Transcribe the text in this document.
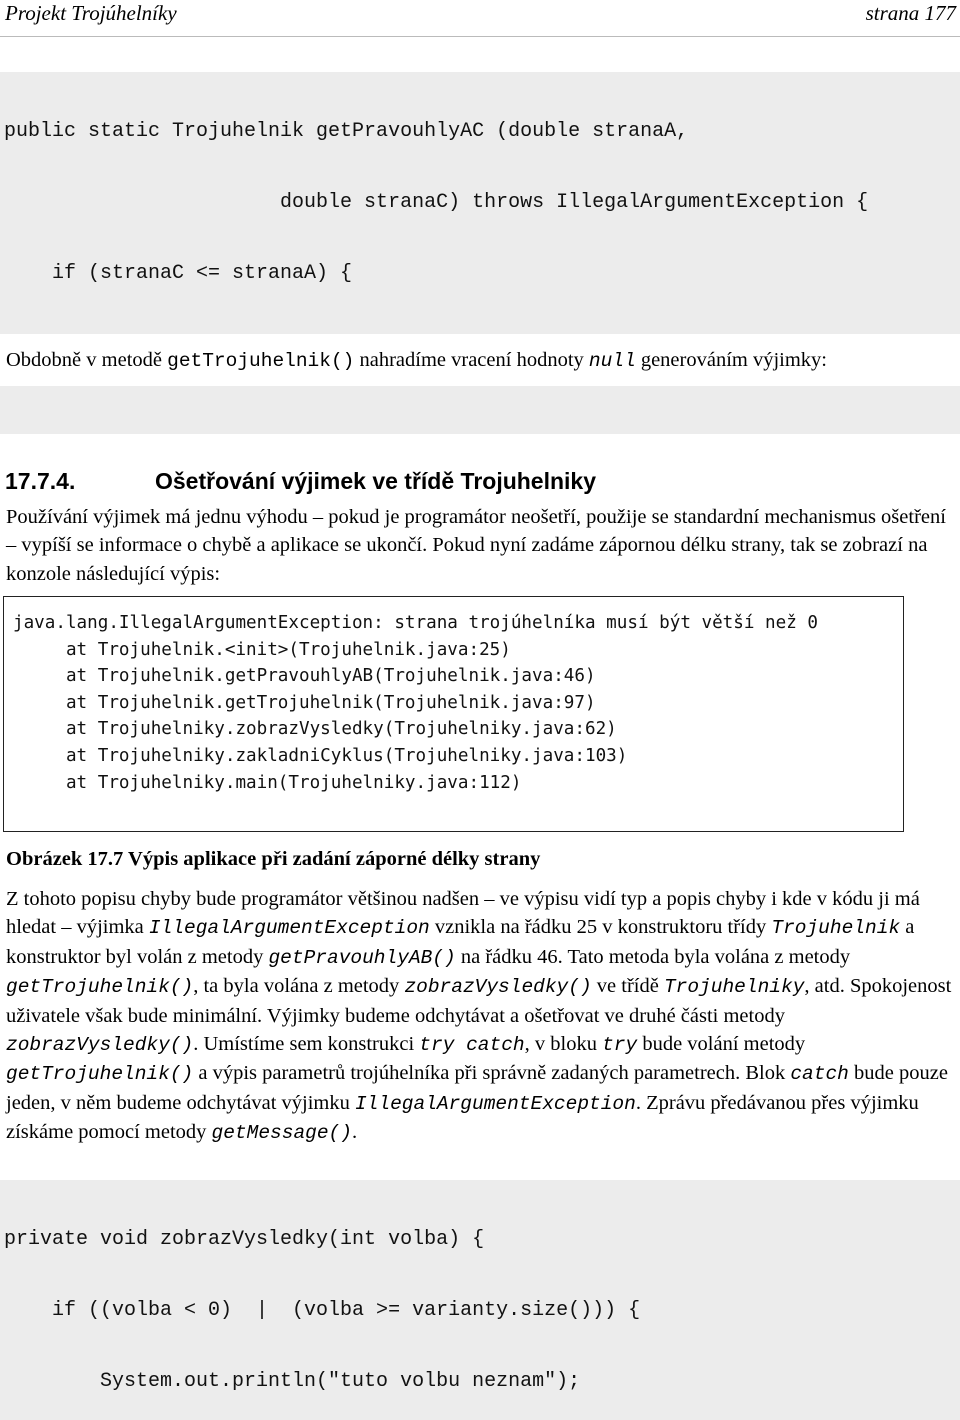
Projekt Trojúhelníky	strana 177

public static Trojuhelnik getPravouhlyAC (double stranaA,

double stranaC) throws IllegalArgumentException {

if (stranaC <= stranaA) {

Obdobně v metodě getTrojuhelnik() nahradíme vracení hodnoty null generováním výjimky:

17.7.4.	Ošetřování výjimek ve třídě Trojuhelniky
Používání výjimek má jednu výhodu – pokud je programátor neošetří, použije se standardní mechanismus ošetření – vypíší se informace o chybě a aplikace se ukončí. Pokud nyní zadáme zápornou délku strany, tak se zobrazí na konzole následující výpis:
java.lang.IllegalArgumentException: strana trojúhelníka musí být větší než 0
at Trojuhelnik.<init>(Trojuhelnik.java:25)
at Trojuhelnik.getPravouhlyAB(Trojuhelnik.java:46)
at Trojuhelnik.getTrojuhelnik(Trojuhelnik.java:97)
at Trojuhelniky.zobrazVysledky(Trojuhelniky.java:62)
at Trojuhelniky.zakladniCyklus(Trojuhelniky.java:103)
at Trojuhelniky.main(Trojuhelniky.java:112)
Obrázek 17.7 Výpis aplikace při zadání záporné délky strany
Z tohoto popisu chyby bude programátor většinou nadšen – ve výpisu vidí typ a popis chyby i kde v kódu ji má hledat – výjimka IllegalArgumentException vznikla na řádku 25 v konstruktoru třídy Trojuhelnik a konstruktor byl volán z metody getPravouhlyAB() na řádku 46. Tato metoda byla volána z metody getTrojuhelnik(), ta byla volána z metody zobrazVysledky() ve třídě Trojuhelniky, atd. Spokojenost uživatele však bude minimální. Výjimky budeme odchytávat a ošetřovat ve druhé části metody zobrazVysledky(). Umístíme sem konstrukci try catch, v bloku try bude volání metody getTrojuhelnik() a výpis parametrů trojúhelníka při správně zadaných parametrech. Blok catch bude pouze jeden, v něm budeme odchytávat výjimku IllegalArgumentException. Zprávu předávanou přes výjimku získáme pomocí metody getMessage().

private void zobrazVysledky(int volba) {

if ((volba < 0)  |  (volba >= varianty.size())) {

System.out.println("tuto volbu neznam");
